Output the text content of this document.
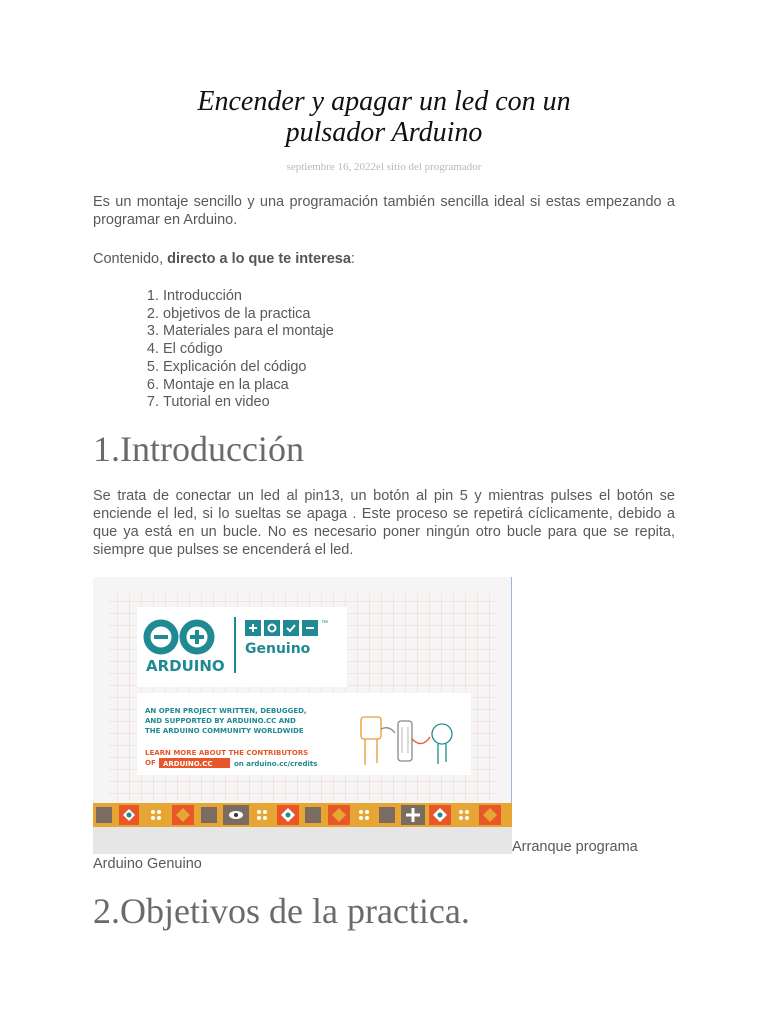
Encender y apagar un led con un
pulsador Arduino
septiembre 16, 2022el sitio del programador

Es un montaje sencillo y una programación también sencilla ideal si estas empezando a programar en Arduino.

Contenido, directo a lo que te interesa:

1. Introducción
2. objetivos de la practica
3. Materiales para el montaje
4. El código
5. Explicación del código
6. Montaje en la placa
7. Tutorial en video
1.Introducción

Se trata de conectar un led al pin13, un botón al pin 5 y mientras pulses el botón se enciende el led, si lo sueltas se apaga . Este proceso se repetirá cíclicamente, debido a que ya está en un bucle. No es necesario poner ningún otro bucle para que se repita, siempre que pulses se encenderá el led.

ARDUINO
™
Genuino
AN OPEN PROJECT WRITTEN, DEBUGGED,
AND SUPPORTED BY ARDUINO.CC AND
THE ARDUINO COMMUNITY WORLDWIDE
LEARN MORE ABOUT THE CONTRIBUTORS
OF ARDUINO.CC	on arduino.cc/credits
Arranque programa
Arduino Genuino
2.Objetivos de la practica.
